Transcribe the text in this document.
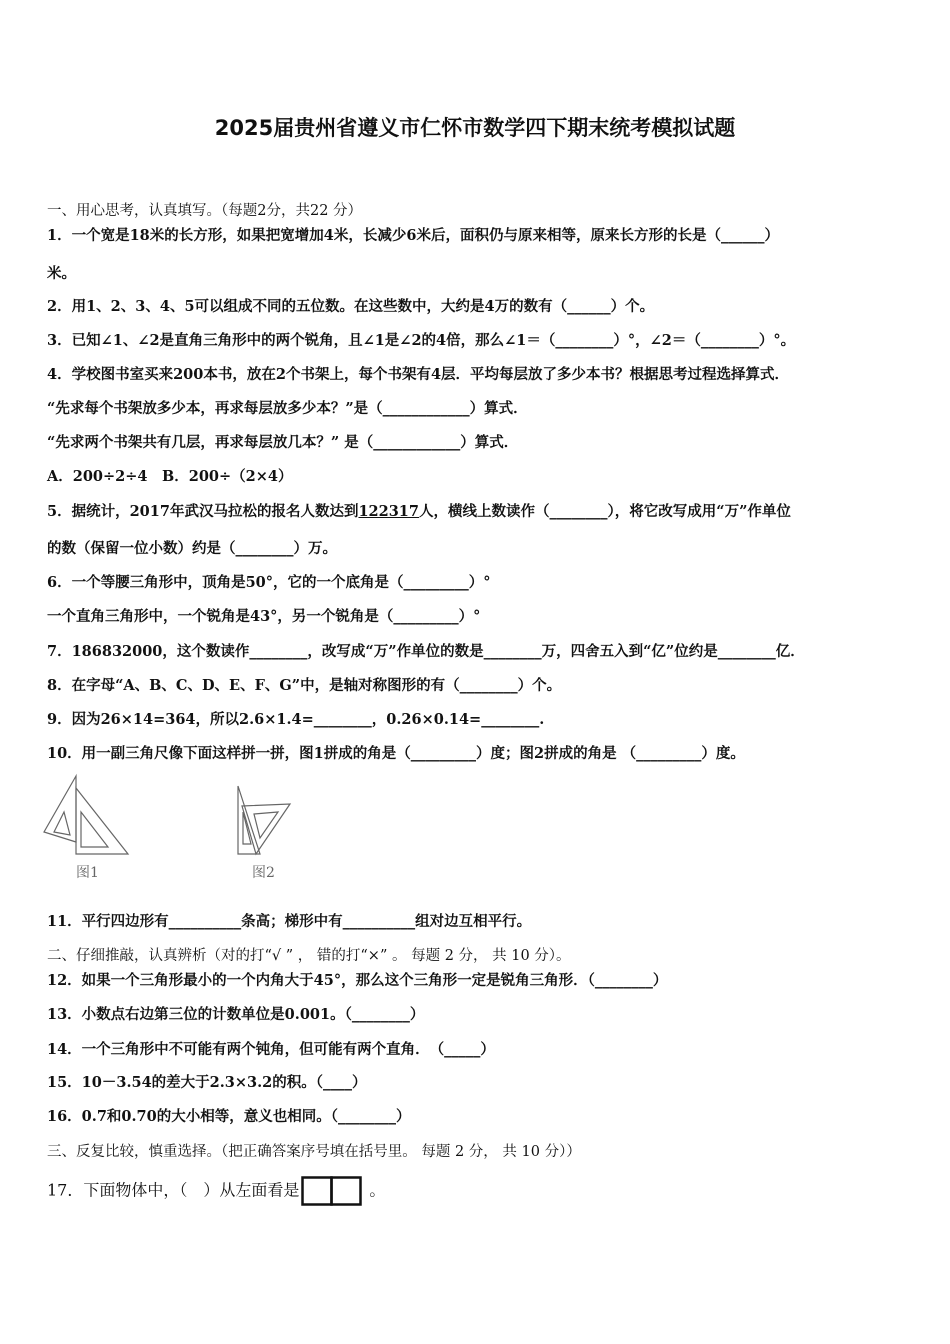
2025届贵州省遵义市仁怀市数学四下期末统考模拟试题
一、用心思考，认真填写。（每题2分，共22 分）
1．一个宽是18米的长方形，如果把宽增加4米，长减少6米后，面积仍与原来相等，原来长方形的长是（______）
米。
2．用1、2、3、4、5可以组成不同的五位数。在这些数中，大约是4万的数有（______）个。
3．已知∠1、∠2是直角三角形中的两个锐角，且∠1是∠2的4倍，那么∠1＝（________）°，∠2＝（________）°。
4．学校图书室买来200本书，放在2个书架上，每个书架有4层．平均每层放了多少本书？根据思考过程选择算式．
“先求每个书架放多少本，再求每层放多少本？”是（____________）算式．
“先求两个书架共有几层，再求每层放几本？” 是（____________）算式．
A．200÷2÷4　B．200÷（2×4）
5．据统计，2017年武汉马拉松的报名人数达到122317人，横线上数读作（________），将它改写成用“万”作单位
的数（保留一位小数）约是（________）万。
6．一个等腰三角形中，顶角是50°，它的一个底角是（_________）°
一个直角三角形中，一个锐角是43°，另一个锐角是（_________）°
7．186832000，这个数读作________，改写成“万”作单位的数是________万，四舍五入到“亿”位约是________亿．
8．在字母“A、B、C、D、E、F、G”中，是轴对称图形的有（________）个。
9．因为26×14=364，所以2.6×1.4=________，0.26×0.14=________.
10．用一副三角尺像下面这样拼一拼，图1拼成的角是（_________）度；图2拼成的角是 （_________）度。
图1	图2
11．平行四边形有__________条高；梯形中有__________组对边互相平行。
二、仔细推敲，认真辨析（对的打“√ ” ， 错的打“×” 。 每题 2 分， 共 10 分）。
12．如果一个三角形最小的一个内角大于45°，那么这个三角形一定是锐角三角形．（________）
13．小数点右边第三位的计数单位是0.001。（________）
14．一个三角形中不可能有两个钝角，但可能有两个直角．　（_____）
15．10－3.54的差大于2.3×3.2的积。（____）
16．0.7和0.70的大小相等，意义也相同。（________）
三、反复比较，慎重选择。（把正确答案序号填在括号里。 每题 2 分， 共 10 分））
17．下面物体中，（　）从左面看是	。
